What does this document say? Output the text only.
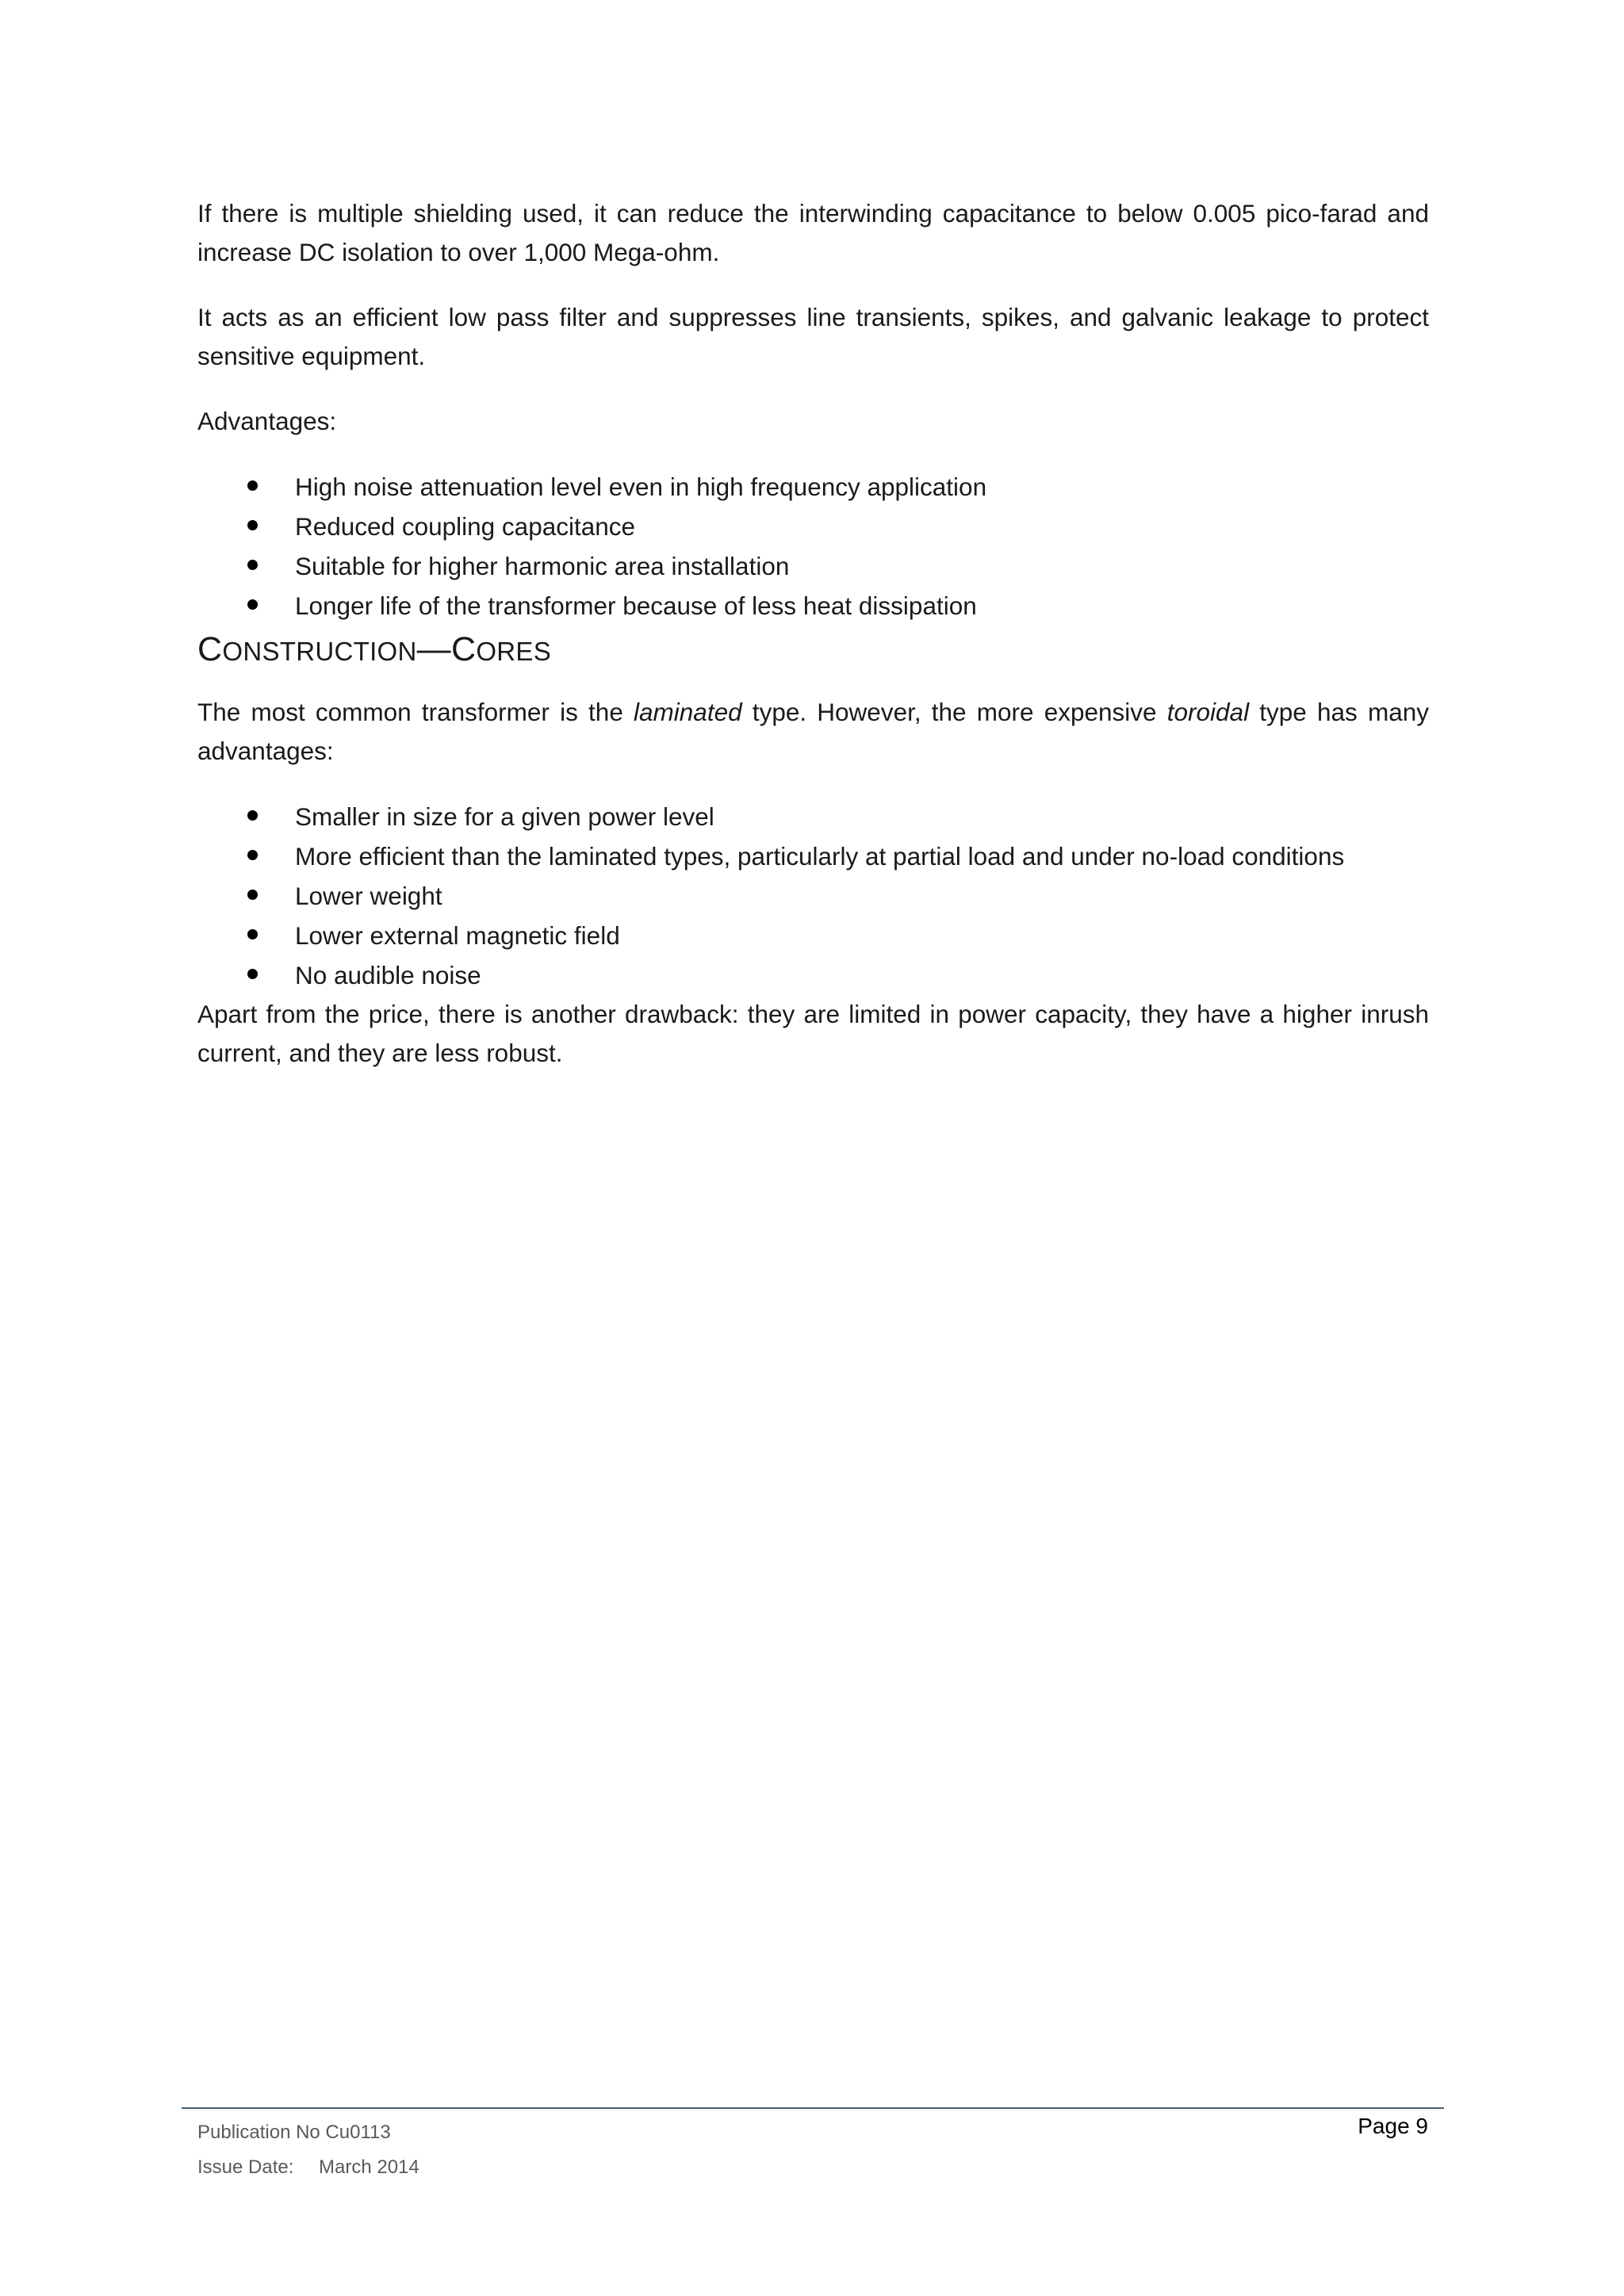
If there is multiple shielding used, it can reduce the interwinding capacitance to below 0.005 pico-farad and increase DC isolation to over 1,000 Mega-ohm.

It acts as an efficient low pass filter and suppresses line transients, spikes, and galvanic leakage to protect sensitive equipment.

Advantages:

High noise attenuation level even in high frequency application
Reduced coupling capacitance
Suitable for higher harmonic area installation
Longer life of the transformer because of less heat dissipation
CONSTRUCTION—CORES

The most common transformer is the laminated type. However, the more expensive toroidal type has many advantages:

Smaller in size for a given power level
More efficient than the laminated types, particularly at partial load and under no-load conditions
Lower weight
Lower external magnetic field
No audible noise

Apart from the price, there is another drawback: they are limited in power capacity, they have a higher inrush current, and they are less robust.

Publication No Cu0113
Issue Date: March 2014
Page 9
